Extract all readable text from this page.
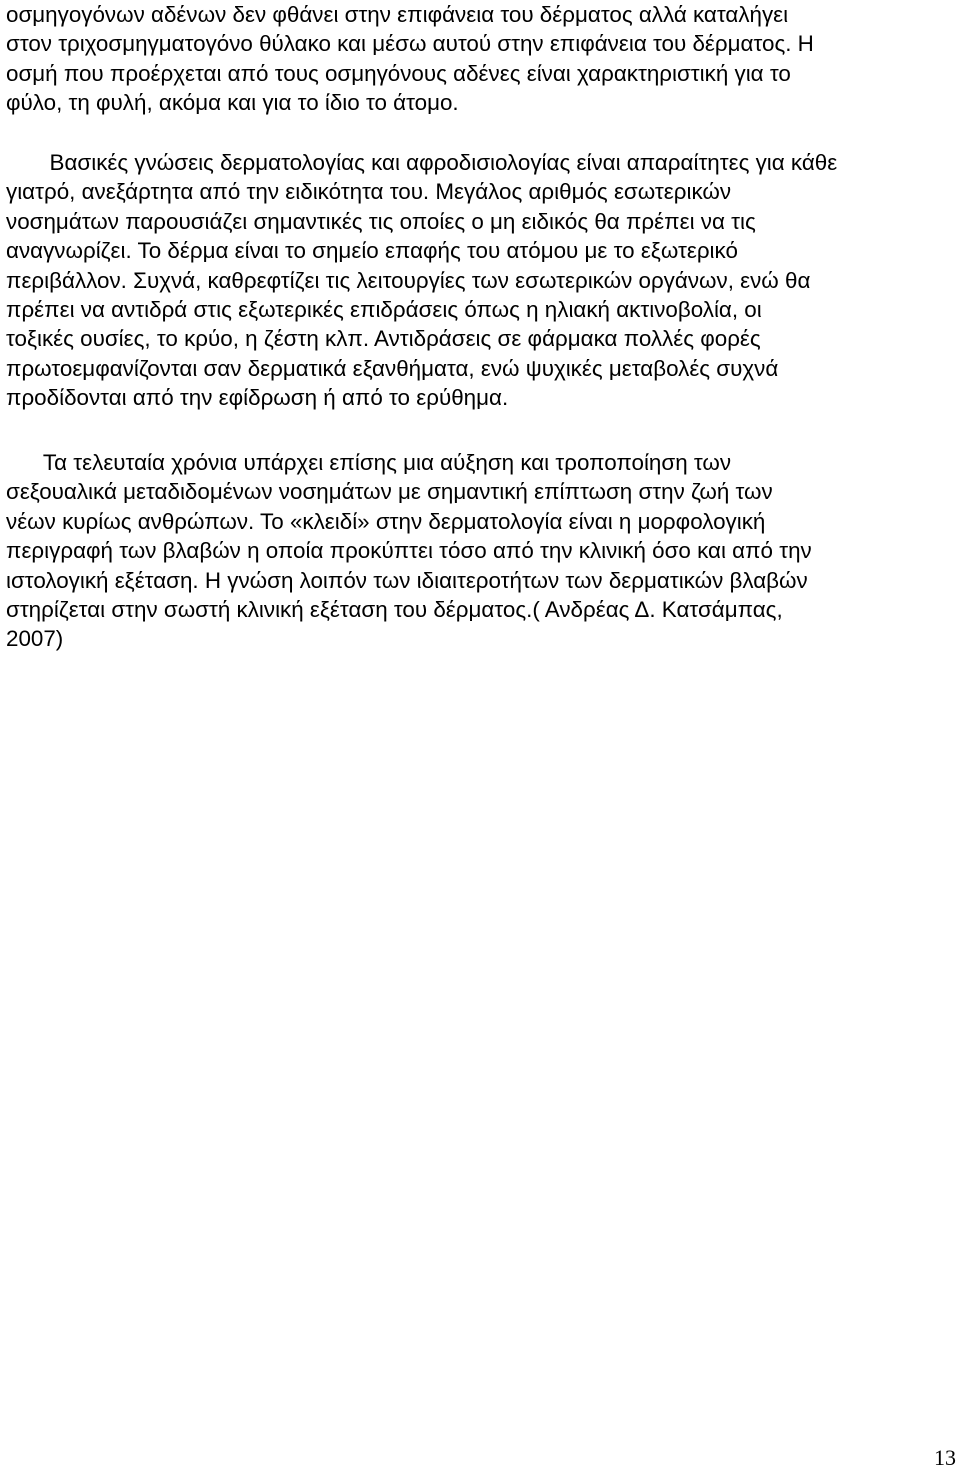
οσμηγογόνων αδένων δεν φθάνει στην επιφάνεια του δέρματος αλλά καταλήγει
στον τριχοσμηγματογόνο θύλακο και μέσω αυτού στην επιφάνεια του δέρματος. Η
οσμή που προέρχεται από τους οσμηγόνους αδένες είναι χαρακτηριστική για το
φύλο, τη φυλή, ακόμα και για το ίδιο το άτομο.

Βασικές γνώσεις δερματολογίας και αφροδισιολογίας είναι απαραίτητες για κάθε
γιατρό, ανεξάρτητα από την ειδικότητα του. Μεγάλος αριθμός εσωτερικών
νοσημάτων παρουσιάζει σημαντικές τις οποίες ο μη ειδικός θα πρέπει να τις
αναγνωρίζει. Το δέρμα είναι το σημείο επαφής του ατόμου με το εξωτερικό
περιβάλλον. Συχνά, καθρεφτίζει τις λειτουργίες των εσωτερικών οργάνων, ενώ θα
πρέπει να αντιδρά στις εξωτερικές επιδράσεις όπως η ηλιακή ακτινοβολία, οι
τοξικές ουσίες, το κρύο, η ζέστη κλπ. Αντιδράσεις σε φάρμακα πολλές φορές
πρωτοεμφανίζονται σαν δερματικά εξανθήματα, ενώ ψυχικές μεταβολές συχνά
προδίδονται από την εφίδρωση ή από το ερύθημα.

Τα τελευταία χρόνια υπάρχει επίσης μια αύξηση και τροποποίηση των
σεξουαλικά μεταδιδομένων νοσημάτων με σημαντική επίπτωση στην ζωή των
νέων κυρίως ανθρώπων. Το «κλειδί» στην δερματολογία είναι η μορφολογική
περιγραφή των βλαβών η οποία προκύπτει τόσο από την κλινική όσο και από την
ιστολογική εξέταση. Η γνώση λοιπόν των ιδιαιτεροτήτων των δερματικών βλαβών
στηρίζεται στην σωστή κλινική εξέταση του δέρματος.( Ανδρέας Δ. Κατσάμπας,
2007)

13
